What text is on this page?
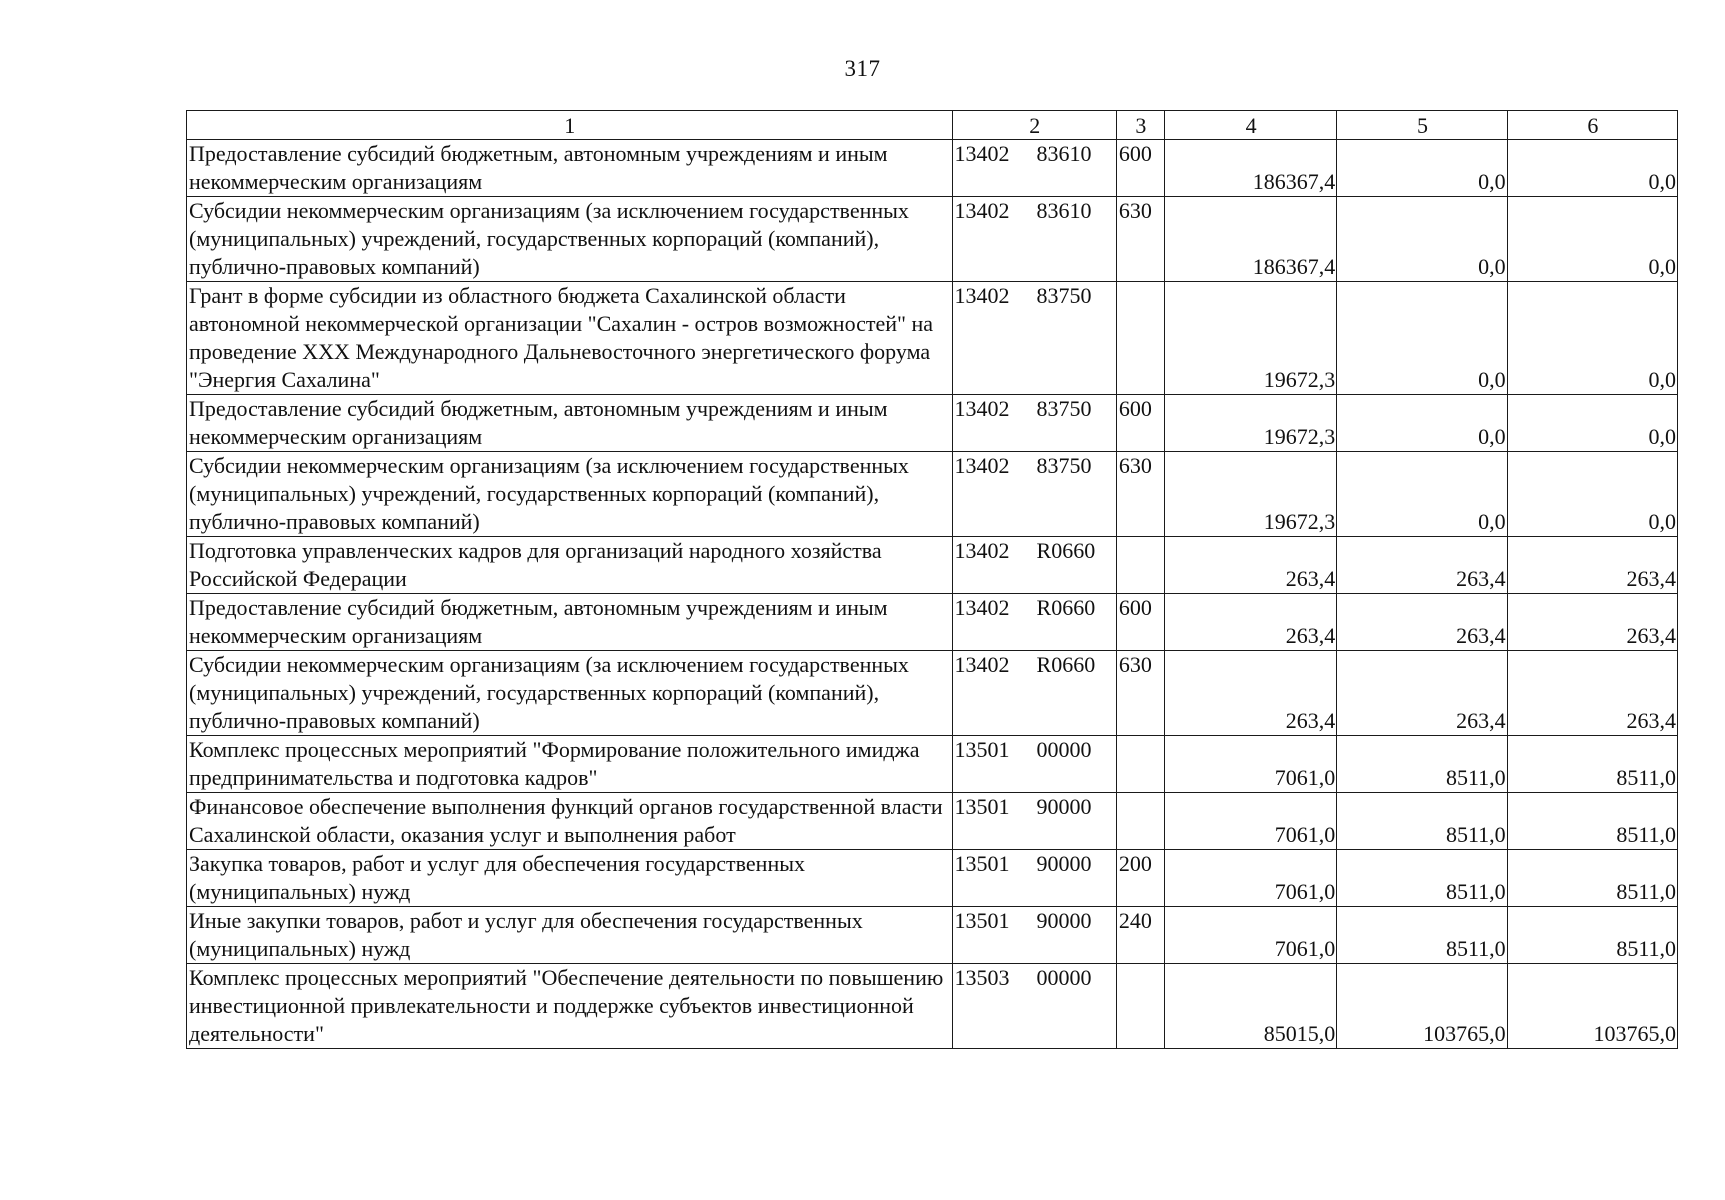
317
1	2	3	4	5	6
Предоставление субсидий бюджетным, автономным учреждениям и иным некоммерческим организациям	13402 83610	600	186367,4	0,0	0,0
Субсидии некоммерческим организациям (за исключением государственных (муниципальных) учреждений, государственных корпораций (компаний), публично-правовых компаний)	13402 83610	630	186367,4	0,0	0,0
Грант в форме субсидии из областного бюджета Сахалинской области автономной некоммерческой организации "Сахалин - остров возможностей" на проведение XXX Международного Дальневосточного энергетического форума "Энергия Сахалина"	13402 83750		19672,3	0,0	0,0
Предоставление субсидий бюджетным, автономным учреждениям и иным некоммерческим организациям	13402 83750	600	19672,3	0,0	0,0
Субсидии некоммерческим организациям (за исключением государственных (муниципальных) учреждений, государственных корпораций (компаний), публично-правовых компаний)	13402 83750	630	19672,3	0,0	0,0
Подготовка управленческих кадров для организаций народного хозяйства Российской Федерации	13402 R0660		263,4	263,4	263,4
Предоставление субсидий бюджетным, автономным учреждениям и иным некоммерческим организациям	13402 R0660	600	263,4	263,4	263,4
Субсидии некоммерческим организациям (за исключением государственных (муниципальных) учреждений, государственных корпораций (компаний), публично-правовых компаний)	13402 R0660	630	263,4	263,4	263,4
Комплекс процессных мероприятий "Формирование положительного имиджа предпринимательства и подготовка кадров"	13501 00000		7061,0	8511,0	8511,0
Финансовое обеспечение выполнения функций органов государственной власти Сахалинской области, оказания услуг и выполнения работ	13501 90000		7061,0	8511,0	8511,0
Закупка товаров, работ и услуг для обеспечения государственных (муниципальных) нужд	13501 90000	200	7061,0	8511,0	8511,0
Иные закупки товаров, работ и услуг для обеспечения государственных (муниципальных) нужд	13501 90000	240	7061,0	8511,0	8511,0
Комплекс процессных мероприятий "Обеспечение деятельности по повышению инвестиционной привлекательности и поддержке субъектов инвестиционной деятельности"	13503 00000		85015,0	103765,0	103765,0
